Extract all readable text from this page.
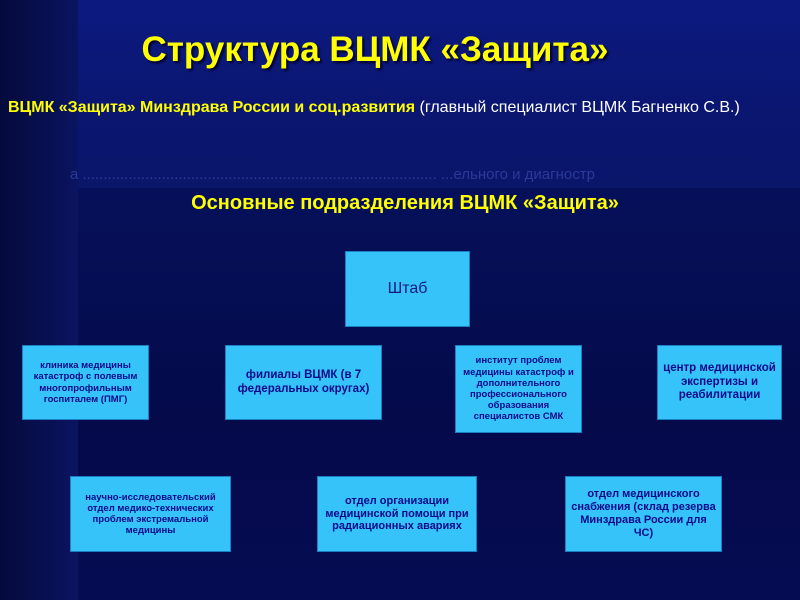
Структура ВЦМК «Защита»
ВЦМК «Защита» Минздрава России и соц.развития (главный специалист ВЦМК Багненко С.В.)
а ..................................................................................... ...ельного и диагностр
Основные подразделения ВЦМК «Защита»
Штаб
клиника медицины катастроф с полевым многопрофильным госпиталем (ПМГ)
филиалы ВЦМК (в 7 федеральных округах)
институт проблем медицины катастроф и дополнительного профессионального образования специалистов СМК
центр медицинской экспертизы и реабилитации
научно-исследовательский отдел медико-технических проблем экстремальной медицины
отдел организации медицинской помощи при радиационных авариях
отдел медицинского снабжения (склад резерва Минздрава России для ЧС)
